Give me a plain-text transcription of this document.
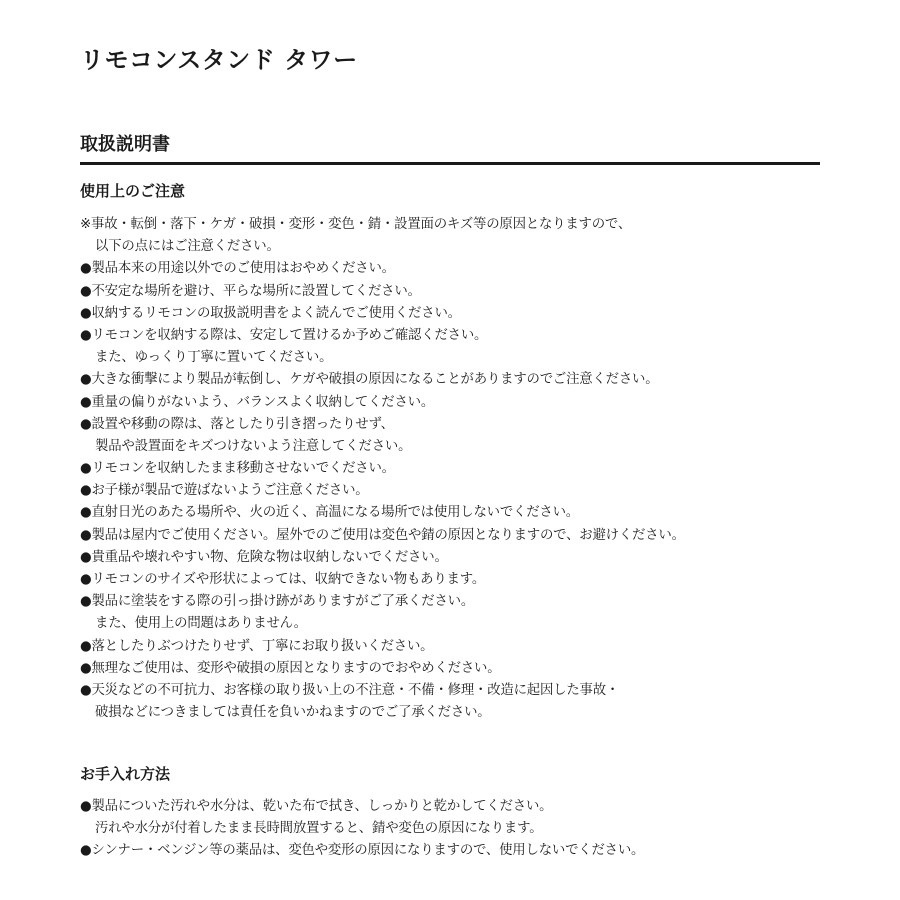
リモコンスタンド タワー
取扱説明書
使用上のご注意
※事故・転倒・落下・ケガ・破損・変形・変色・錆・設置面のキズ等の原因となりますので、
以下の点にはご注意ください。
●製品本来の用途以外でのご使用はおやめください。
●不安定な場所を避け、平らな場所に設置してください。
●収納するリモコンの取扱説明書をよく読んでご使用ください。
●リモコンを収納する際は、安定して置けるか予めご確認ください。
また、ゆっくり丁寧に置いてください。
●大きな衝撃により製品が転倒し、ケガや破損の原因になることがありますのでご注意ください。
●重量の偏りがないよう、バランスよく収納してください。
●設置や移動の際は、落としたり引き摺ったりせず、
製品や設置面をキズつけないよう注意してください。
●リモコンを収納したまま移動させないでください。
●お子様が製品で遊ばないようご注意ください。
●直射日光のあたる場所や、火の近く、高温になる場所では使用しないでください。
●製品は屋内でご使用ください。屋外でのご使用は変色や錆の原因となりますので、お避けください。
●貴重品や壊れやすい物、危険な物は収納しないでください。
●リモコンのサイズや形状によっては、収納できない物もあります。
●製品に塗装をする際の引っ掛け跡がありますがご了承ください。
また、使用上の問題はありません。
●落としたりぶつけたりせず、丁寧にお取り扱いください。
●無理なご使用は、変形や破損の原因となりますのでおやめください。
●天災などの不可抗力、お客様の取り扱い上の不注意・不備・修理・改造に起因した事故・
破損などにつきましては責任を負いかねますのでご了承ください。
お手入れ方法
●製品についた汚れや水分は、乾いた布で拭き、しっかりと乾かしてください。
汚れや水分が付着したまま長時間放置すると、錆や変色の原因になります。
●シンナー・ベンジン等の薬品は、変色や変形の原因になりますので、使用しないでください。
